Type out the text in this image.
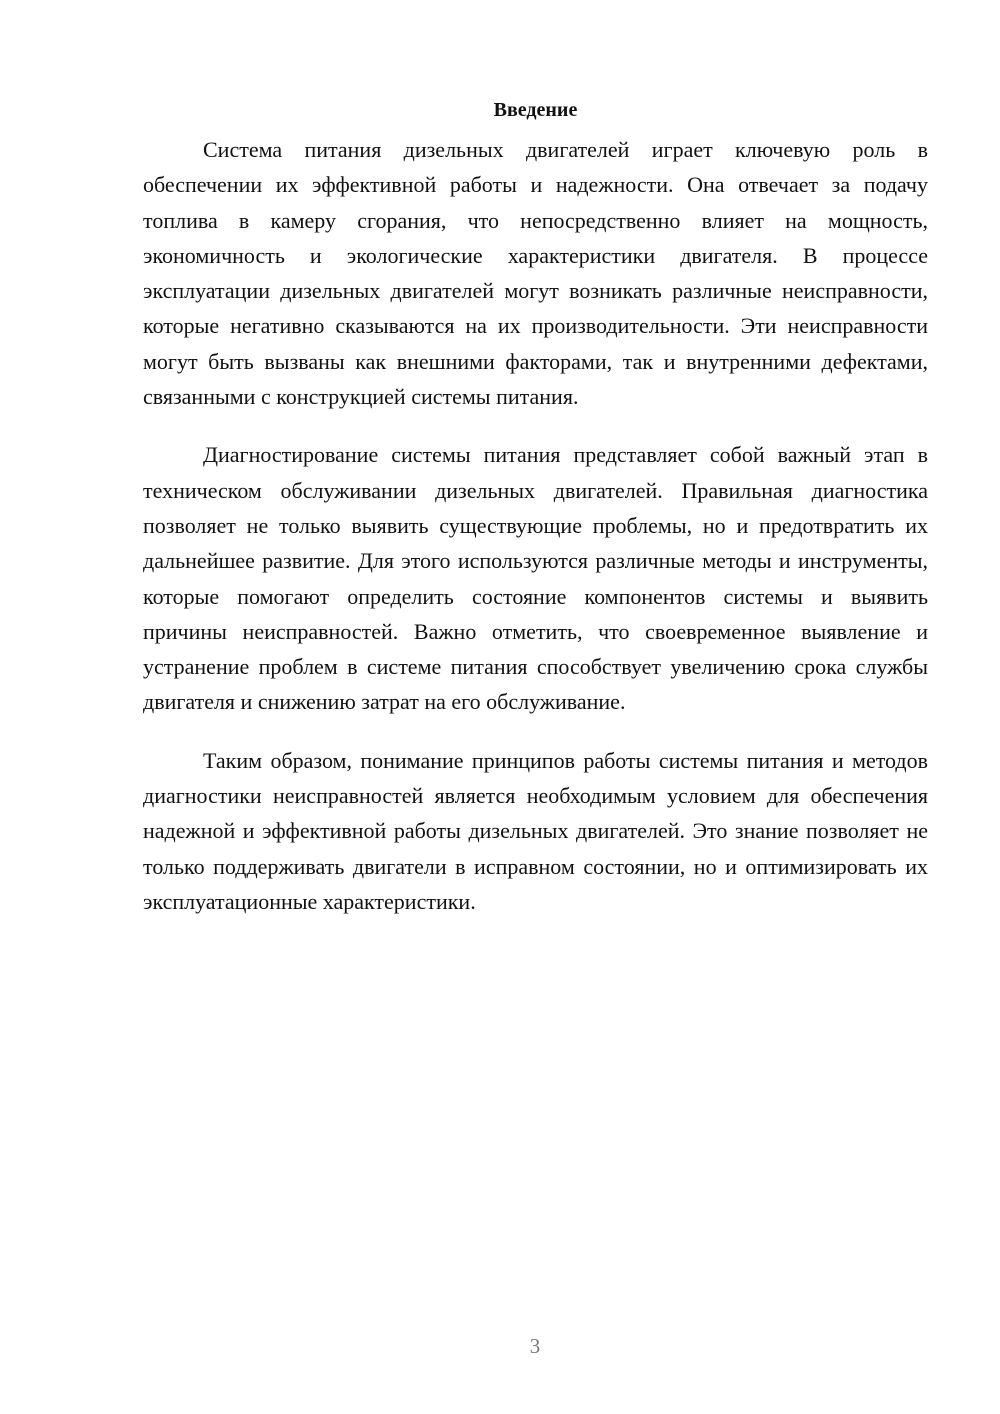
Введение

Система питания дизельных двигателей играет ключевую роль в обеспечении их эффективной работы и надежности. Она отвечает за подачу топлива в камеру сгорания, что непосредственно влияет на мощность, экономичность и экологические характеристики двигателя. В процессе эксплуатации дизельных двигателей могут возникать различные неисправности, которые негативно сказываются на их производительности. Эти неисправности могут быть вызваны как внешними факторами, так и внутренними дефектами, связанными с конструкцией системы питания.

Диагностирование системы питания представляет собой важный этап в техническом обслуживании дизельных двигателей. Правильная диагностика позволяет не только выявить существующие проблемы, но и предотвратить их дальнейшее развитие. Для этого используются различные методы и инструменты, которые помогают определить состояние компонентов системы и выявить причины неисправностей. Важно отметить, что своевременное выявление и устранение проблем в системе питания способствует увеличению срока службы двигателя и снижению затрат на его обслуживание.

Таким образом, понимание принципов работы системы питания и методов диагностики неисправностей является необходимым условием для обеспечения надежной и эффективной работы дизельных двигателей. Это знание позволяет не только поддерживать двигатели в исправном состоянии, но и оптимизировать их эксплуатационные характеристики.

3
